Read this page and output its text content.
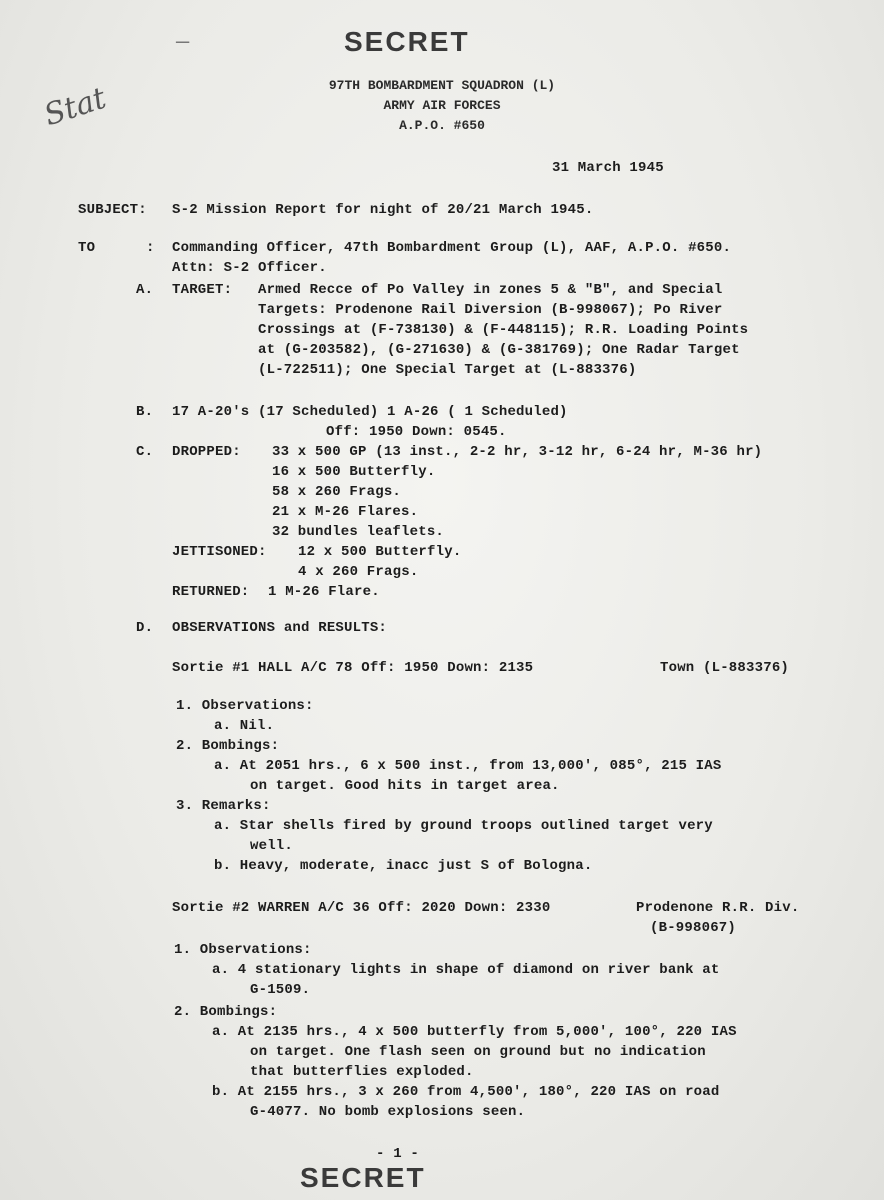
—	SECRET
Stat	97TH BOMBARDMENT SQUADRON (L)
ARMY AIR FORCES
A.P.O. #650
31 March 1945
SUBJECT: S-2 Mission Report for night of 20/21 March 1945.
TO	: Commanding Officer, 47th Bombardment Group (L), AAF, A.P.O. #650.
Attn: S-2 Officer.
A. TARGET: Armed Recce of Po Valley in zones 5 & "B", and Special
Targets: Prodenone Rail Diversion (B-998067); Po River
Crossings at (F-738130) & (F-448115); R.R. Loading Points
at (G-203582), (G-271630) & (G-381769); One Radar Target
(L-722511); One Special Target at (L-883376)
B. 17 A-20's (17 Scheduled) 1 A-26 ( 1 Scheduled)
Off: 1950 Down: 0545.
C. DROPPED: 33 x 500 GP (13 inst., 2-2 hr, 3-12 hr, 6-24 hr, M-36 hr)
16 x 500 Butterfly.
58 x 260 Frags.
21 x M-26 Flares.
32 bundles leaflets.
JETTISONED: 12 x 500 Butterfly.
4 x 260 Frags.
RETURNED: 1 M-26 Flare.
D. OBSERVATIONS and RESULTS:
Sortie #1 HALL A/C 78 Off: 1950 Down: 2135	Town (L-883376)
1. Observations:
a. Nil.
2. Bombings:
a. At 2051 hrs., 6 x 500 inst., from 13,000', 085°, 215 IAS
on target. Good hits in target area.
3. Remarks:
a. Star shells fired by ground troops outlined target very
well.
b. Heavy, moderate, inacc just S of Bologna.
Sortie #2 WARREN A/C 36 Off: 2020 Down: 2330	Prodenone R.R. Div.
(B-998067)
1. Observations:
a. 4 stationary lights in shape of diamond on river bank at
G-1509.
2. Bombings:
a. At 2135 hrs., 4 x 500 butterfly from 5,000', 100°, 220 IAS
on target. One flash seen on ground but no indication
that butterflies exploded.
b. At 2155 hrs., 3 x 260 from 4,500', 180°, 220 IAS on road
G-4077. No bomb explosions seen.
- 1 -
SECRET
